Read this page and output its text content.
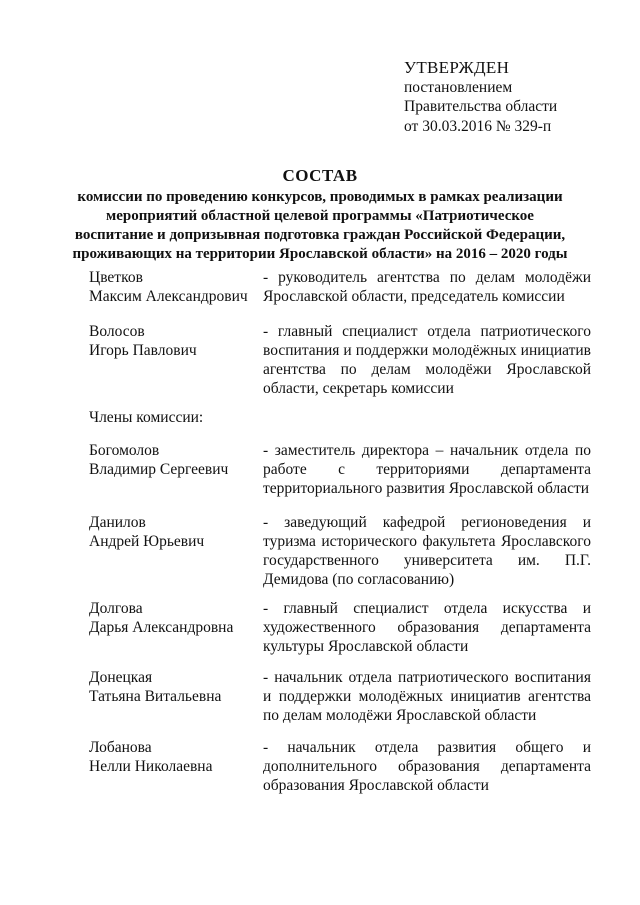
УТВЕРЖДЕН
постановлением
Правительства области
от 30.03.2016 № 329-п
СОСТАВ
комиссии по проведению конкурсов, проводимых в рамках реализации
мероприятий областной целевой программы «Патриотическое
воспитание и допризывная подготовка граждан Российской Федерации,
проживающих на территории Ярославской области» на 2016 – 2020 годы
Цветков
Максим Александрович
- руководитель агентства по делам молодёжи Ярославской области, председатель комиссии
Волосов
Игорь Павлович
- главный специалист отдела патриотического воспитания и поддержки молодёжных инициатив агентства по делам молодёжи Ярославской области, секретарь комиссии
Члены комиссии:
Богомолов
Владимир Сергеевич
- заместитель директора – начальник отдела по работе с территориями департамента территориального развития Ярославской области
Данилов
Андрей Юрьевич
- заведующий кафедрой регионоведения и туризма исторического факультета Ярославского государственного университета им. П.Г. Демидова (по согласованию)
Долгова
Дарья Александровна
- главный специалист отдела искусства и художественного образования департамента культуры Ярославской области
Донецкая
Татьяна Витальевна
- начальник отдела патриотического воспитания и поддержки молодёжных инициатив агентства по делам молодёжи Ярославской области
Лобанова
Нелли Николаевна
- начальник отдела развития общего и дополнительного образования департамента образования Ярославской области
